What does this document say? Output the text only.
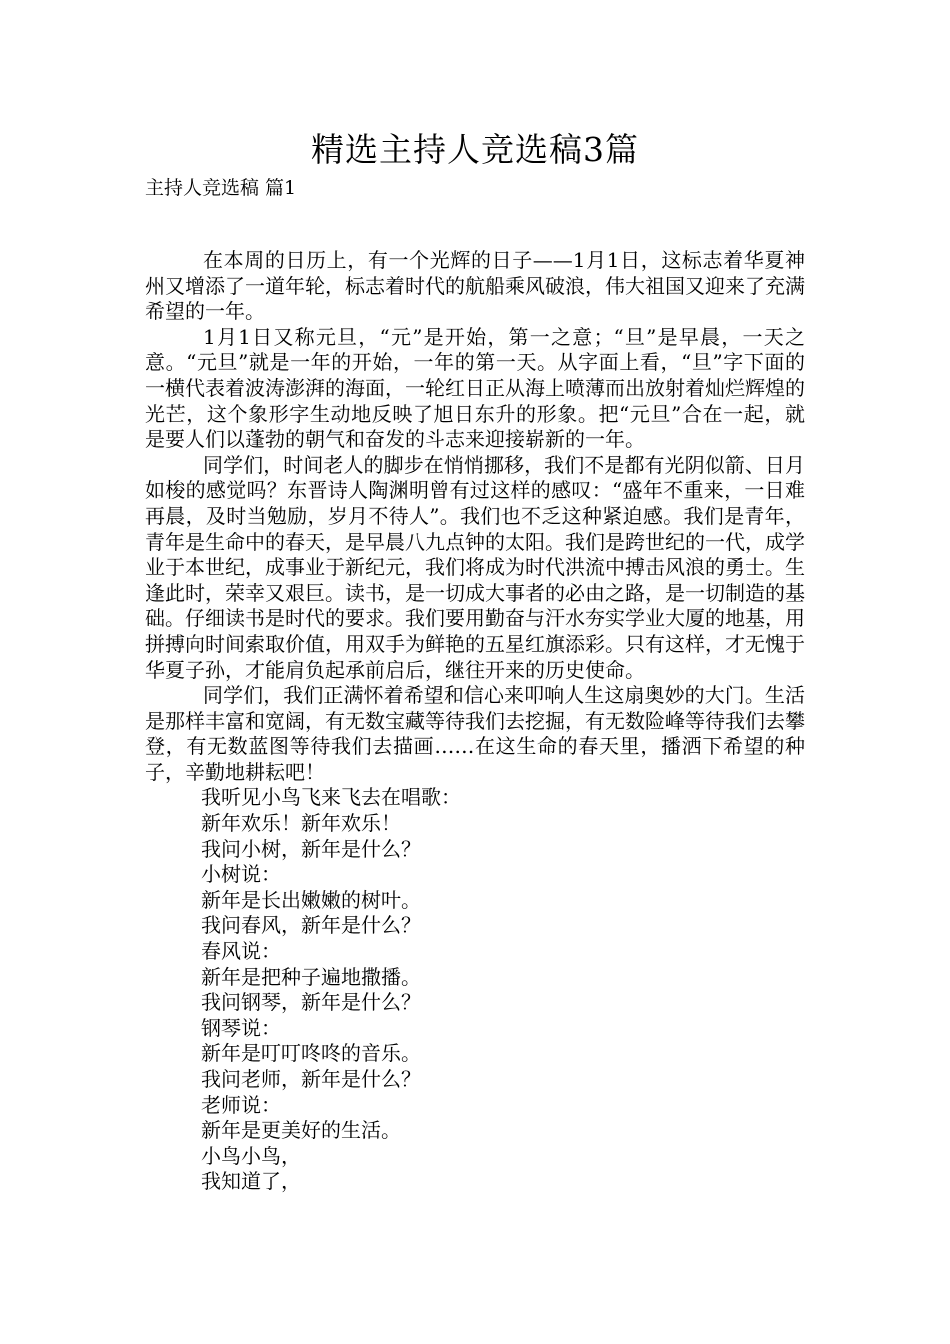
精选主持人竞选稿3篇
主持人竞选稿 篇1

在本周的日历上，有一个光辉的日子——1月1日，这标志着华夏神州又增添了一道年轮，标志着时代的航船乘风破浪，伟大祖国又迎来了充满希望的一年。

1月1日又称元旦，“元”是开始，第一之意；“旦”是早晨，一天之意。“元旦”就是一年的开始，一年的第一天。从字面上看，“旦”字下面的一横代表着波涛澎湃的海面，一轮红日正从海上喷薄而出放射着灿烂辉煌的光芒，这个象形字生动地反映了旭日东升的形象。把“元旦”合在一起，就是要人们以蓬勃的朝气和奋发的斗志来迎接崭新的一年。

同学们，时间老人的脚步在悄悄挪移，我们不是都有光阴似箭、日月如梭的感觉吗？东晋诗人陶渊明曾有过这样的感叹：“盛年不重来，一日难再晨，及时当勉励，岁月不待人”。我们也不乏这种紧迫感。我们是青年，青年是生命中的春天，是早晨八九点钟的太阳。我们是跨世纪的一代，成学业于本世纪，成事业于新纪元，我们将成为时代洪流中搏击风浪的勇士。生逢此时，荣幸又艰巨。读书，是一切成大事者的必由之路，是一切制造的基础。仔细读书是时代的要求。我们要用勤奋与汗水夯实学业大厦的地基，用拼搏向时间索取价值，用双手为鲜艳的五星红旗添彩。只有这样，才无愧于华夏子孙，才能肩负起承前启后，继往开来的历史使命。

同学们，我们正满怀着希望和信心来叩响人生这扇奥妙的大门。生活是那样丰富和宽阔，有无数宝藏等待我们去挖掘，有无数险峰等待我们去攀登，有无数蓝图等待我们去描画……在这生命的春天里，播洒下希望的种子，辛勤地耕耘吧！

我听见小鸟飞来飞去在唱歌：

新年欢乐！新年欢乐！

我问小树，新年是什么？

小树说：

新年是长出嫩嫩的树叶。

我问春风，新年是什么？

春风说：

新年是把种子遍地撒播。

我问钢琴，新年是什么？

钢琴说：

新年是叮叮咚咚的音乐。

我问老师，新年是什么？

老师说：

新年是更美好的生活。

小鸟小鸟，

我知道了，
